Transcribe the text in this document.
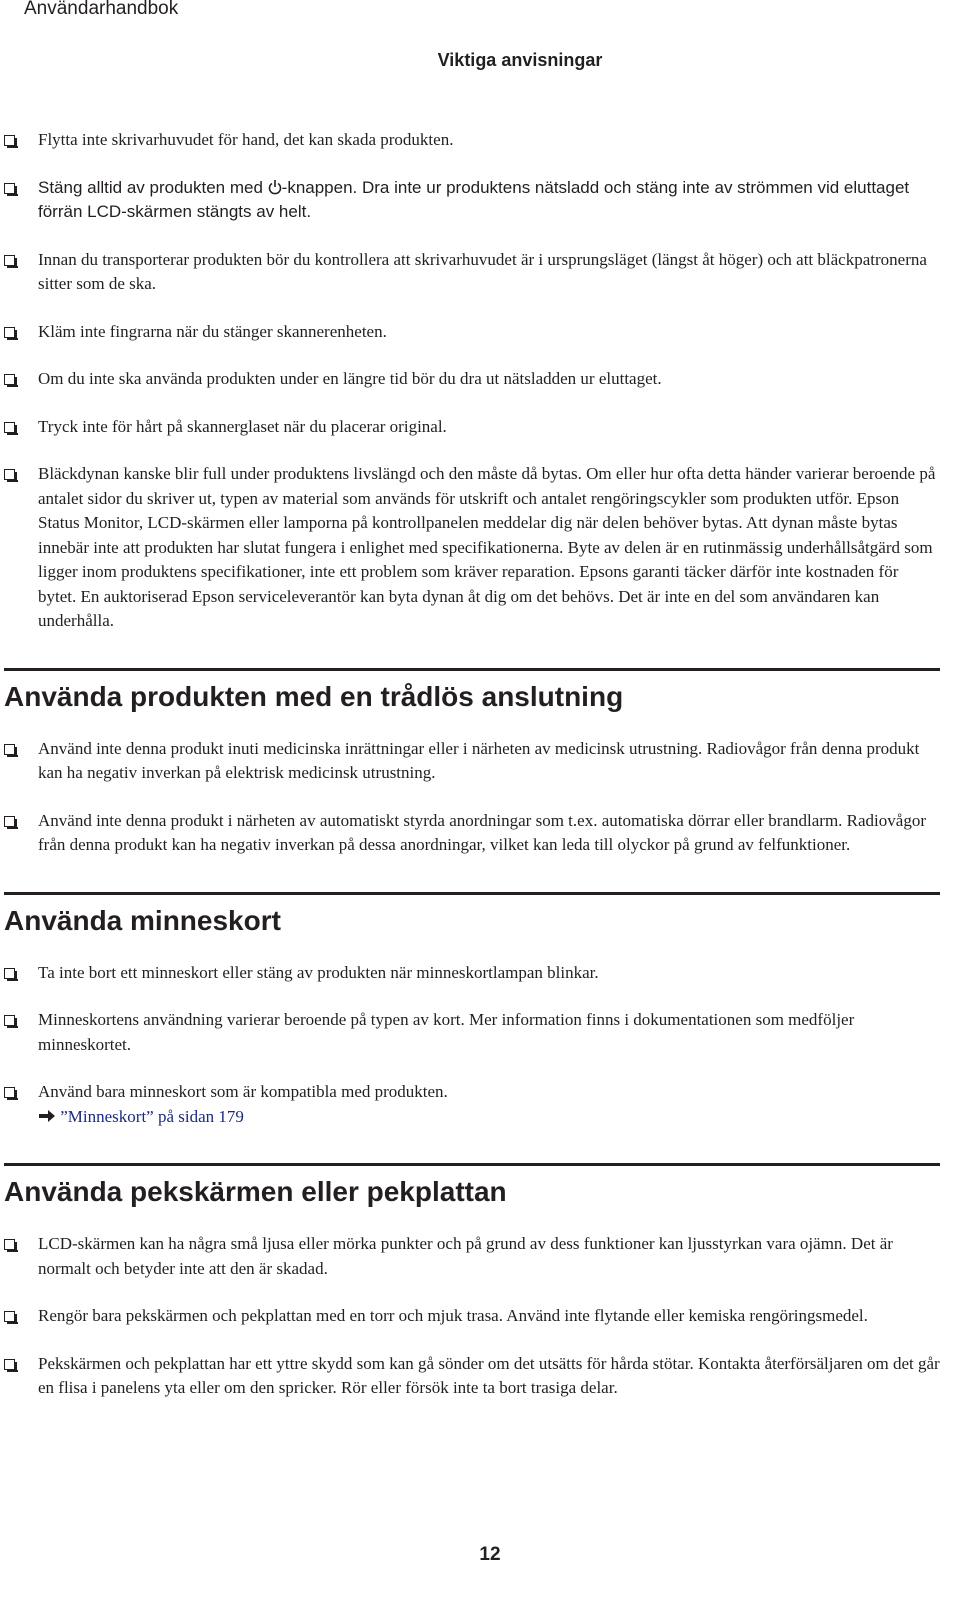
Användarhandbok
Viktiga anvisningar
Flytta inte skrivarhuvudet för hand, det kan skada produkten.
Stäng alltid av produkten med -knappen. Dra inte ur produktens nätsladd och stäng inte av strömmen vid eluttaget förrän LCD-skärmen stängts av helt.
Innan du transporterar produkten bör du kontrollera att skrivarhuvudet är i ursprungsläget (längst åt höger) och att bläckpatronerna sitter som de ska.
Kläm inte fingrarna när du stänger skannerenheten.
Om du inte ska använda produkten under en längre tid bör du dra ut nätsladden ur eluttaget.
Tryck inte för hårt på skannerglaset när du placerar original.
Bläckdynan kanske blir full under produktens livslängd och den måste då bytas. Om eller hur ofta detta händer varierar beroende på antalet sidor du skriver ut, typen av material som används för utskrift och antalet rengöringscykler som produkten utför. Epson Status Monitor, LCD-skärmen eller lamporna på kontrollpanelen meddelar dig när delen behöver bytas. Att dynan måste bytas innebär inte att produkten har slutat fungera i enlighet med specifikationerna. Byte av delen är en rutinmässig underhållsåtgärd som ligger inom produktens specifikationer, inte ett problem som kräver reparation. Epsons garanti täcker därför inte kostnaden för bytet. En auktoriserad Epson serviceleverantör kan byta dynan åt dig om det behövs. Det är inte en del som användaren kan underhålla.
Använda produkten med en trådlös anslutning
Använd inte denna produkt inuti medicinska inrättningar eller i närheten av medicinsk utrustning. Radiovågor från denna produkt kan ha negativ inverkan på elektrisk medicinsk utrustning.
Använd inte denna produkt i närheten av automatiskt styrda anordningar som t.ex. automatiska dörrar eller brandlarm. Radiovågor från denna produkt kan ha negativ inverkan på dessa anordningar, vilket kan leda till olyckor på grund av felfunktioner.
Använda minneskort
Ta inte bort ett minneskort eller stäng av produkten när minneskortlampan blinkar.
Minneskortens användning varierar beroende på typen av kort. Mer information finns i dokumentationen som medföljer minneskortet.
Använd bara minneskort som är kompatibla med produkten.
”Minneskort” på sidan 179
Använda pekskärmen eller pekplattan
LCD-skärmen kan ha några små ljusa eller mörka punkter och på grund av dess funktioner kan ljusstyrkan vara ojämn. Det är normalt och betyder inte att den är skadad.
Rengör bara pekskärmen och pekplattan med en torr och mjuk trasa. Använd inte flytande eller kemiska rengöringsmedel.
Pekskärmen och pekplattan har ett yttre skydd som kan gå sönder om det utsätts för hårda stötar. Kontakta återförsäljaren om det går en flisa i panelens yta eller om den spricker. Rör eller försök inte ta bort trasiga delar.
12
